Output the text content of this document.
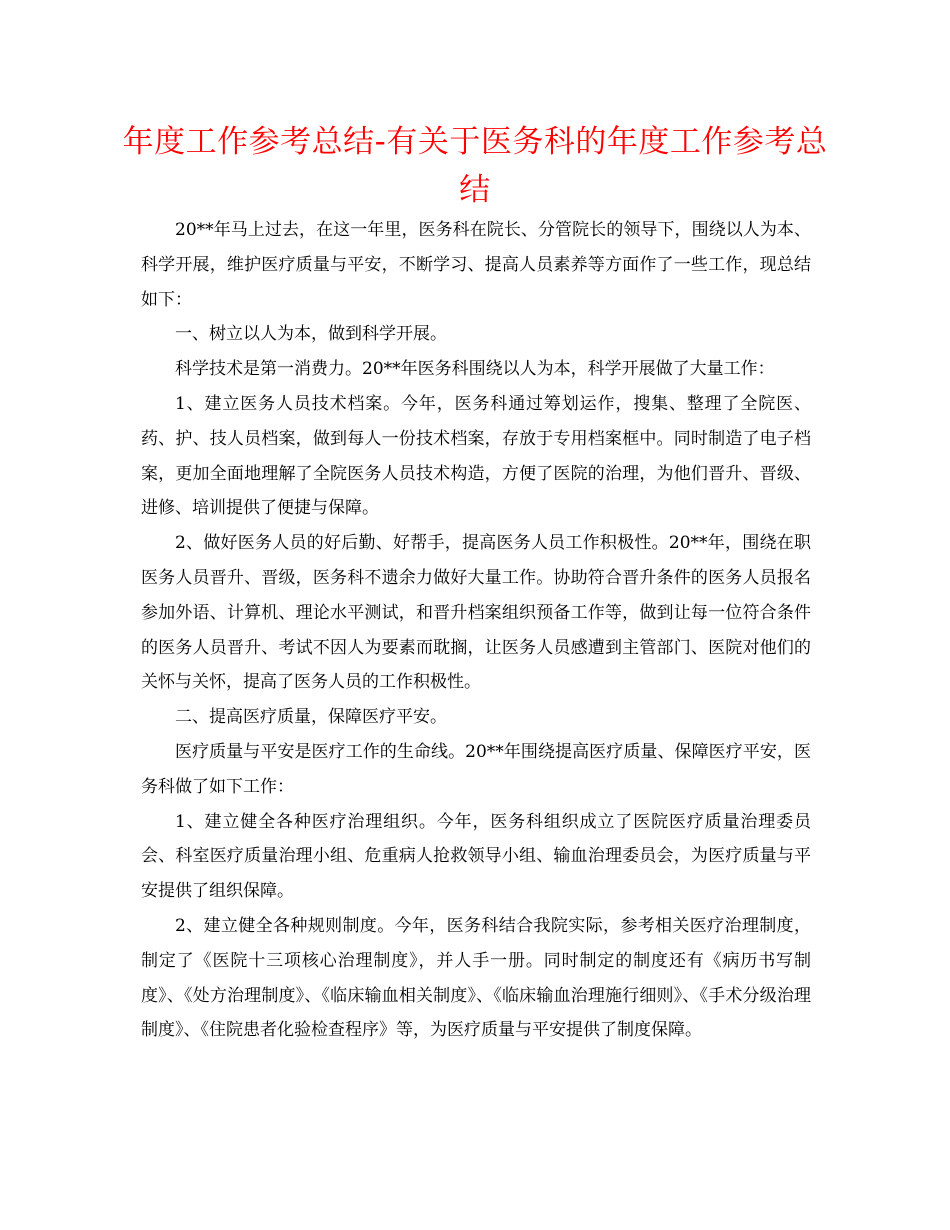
年度工作参考总结-有关于医务科的年度工作参考总结

20**年马上过去，在这一年里，医务科在院长、分管院长的领导下，围绕以人为本、科学开展，维护医疗质量与平安，不断学习、提高人员素养等方面作了一些工作，现总结如下：

一、树立以人为本，做到科学开展。

科学技术是第一消费力。20**年医务科围绕以人为本，科学开展做了大量工作：

1、建立医务人员技术档案。今年，医务科通过筹划运作，搜集、整理了全院医、药、护、技人员档案，做到每人一份技术档案，存放于专用档案框中。同时制造了电子档案，更加全面地理解了全院医务人员技术构造，方便了医院的治理，为他们晋升、晋级、进修、培训提供了便捷与保障。

2、做好医务人员的好后勤、好帮手，提高医务人员工作积极性。20**年，围绕在职医务人员晋升、晋级，医务科不遗余力做好大量工作。协助符合晋升条件的医务人员报名参加外语、计算机、理论水平测试，和晋升档案组织预备工作等，做到让每一位符合条件的医务人员晋升、考试不因人为要素而耽搁，让医务人员感遭到主管部门、医院对他们的关怀与关怀，提高了医务人员的工作积极性。

二、提高医疗质量，保障医疗平安。

医疗质量与平安是医疗工作的生命线。20**年围绕提高医疗质量、保障医疗平安，医务科做了如下工作：

1、建立健全各种医疗治理组织。今年，医务科组织成立了医院医疗质量治理委员会、科室医疗质量治理小组、危重病人抢救领导小组、输血治理委员会，为医疗质量与平安提供了组织保障。

2、建立健全各种规则制度。今年，医务科结合我院实际，参考相关医疗治理制度，制定了《医院十三项核心治理制度》，并人手一册。同时制定的制度还有《病历书写制度》、《处方治理制度》、《临床输血相关制度》、《临床输血治理施行细则》、《手术分级治理制度》、《住院患者化验检查程序》等，为医疗质量与平安提供了制度保障。
